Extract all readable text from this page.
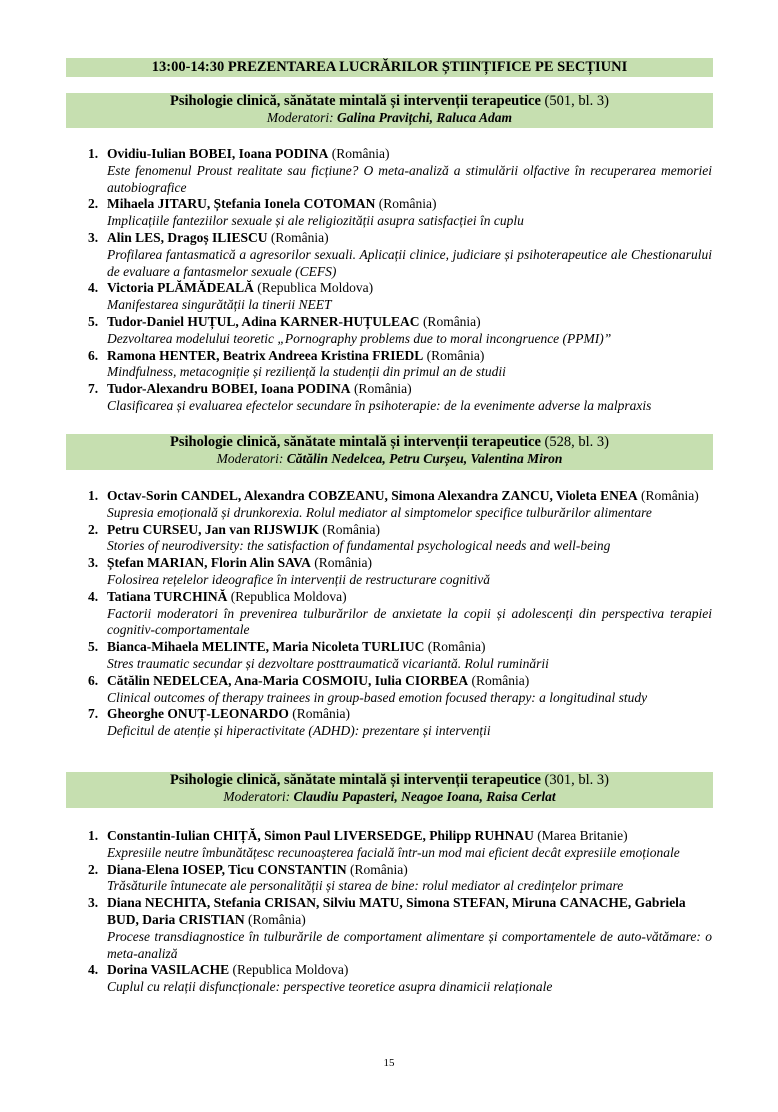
13:00-14:30 PREZENTAREA LUCRĂRILOR ȘTIINȚIFICE PE SECȚIUNI
Psihologie clinică, sănătate mintală și intervenții terapeutice (501, bl. 3)
Moderatori: Galina Pravițchi, Raluca Adam
1. Ovidiu-Iulian BOBEI, Ioana PODINA (România)
Este fenomenul Proust realitate sau ficțiune? O meta-analiză a stimulării olfactive în recuperarea memoriei autobiografice
2. Mihaela JITARU, Ștefania Ionela COTOMAN (România)
Implicațiile fanteziilor sexuale și ale religiozității asupra satisfacției în cuplu
3. Alin LES, Dragoș ILIESCU (România)
Profilarea fantasmatică a agresorilor sexuali. Aplicații clinice, judiciare și psihoterapeutice ale Chestionarului de evaluare a fantasmelor sexuale (CEFS)
4. Victoria PLĂMĂDEALĂ (Republica Moldova)
Manifestarea singurătății la tinerii NEET
5. Tudor-Daniel HUȚUL, Adina KARNER-HUȚULEAC (România)
Dezvoltarea modelului teoretic „Pornography problems due to moral incongruence (PPMI)”
6. Ramona HENTER, Beatrix Andreea Kristina FRIEDL (România)
Mindfulness, metacogniție și reziliență la studenții din primul an de studii
7. Tudor-Alexandru BOBEI, Ioana PODINA (România)
Clasificarea și evaluarea efectelor secundare în psihoterapie: de la evenimente adverse la malpraxis
Psihologie clinică, sănătate mintală și intervenții terapeutice (528, bl. 3)
Moderatori: Cătălin Nedelcea, Petru Curșeu, Valentina Miron
1. Octav-Sorin CANDEL, Alexandra COBZEANU, Simona Alexandra ZANCU, Violeta ENEA (România)
Supresia emoțională și drunkorexia. Rolul mediator al simptomelor specifice tulburărilor alimentare
2. Petru CURSEU, Jan van RIJSWIJK (România)
Stories of neurodiversity: the satisfaction of fundamental psychological needs and well-being
3. Ștefan MARIAN, Florin Alin SAVA (România)
Folosirea rețelelor ideografice în intervenții de restructurare cognitivă
4. Tatiana TURCHINĂ (Republica Moldova)
Factorii moderatori în prevenirea tulburărilor de anxietate la copii și adolescenți din perspectiva terapiei cognitiv-comportamentale
5. Bianca-Mihaela MELINTE, Maria Nicoleta TURLIUC (România)
Stres traumatic secundar și dezvoltare posttraumatică vicariantă. Rolul ruminării
6. Cătălin NEDELCEA, Ana-Maria COSMOIU, Iulia CIORBEA (România)
Clinical outcomes of therapy trainees in group-based emotion focused therapy: a longitudinal study
7. Gheorghe ONUȚ-LEONARDO (România)
Deficitul de atenție și hiperactivitate (ADHD): prezentare și intervenții
Psihologie clinică, sănătate mintală și intervenții terapeutice (301, bl. 3)
Moderatori: Claudiu Papasteri, Neagoe Ioana, Raisa Cerlat
1. Constantin-Iulian CHIȚĂ, Simon Paul LIVERSEDGE, Philipp RUHNAU (Marea Britanie)
Expresiile neutre îmbunătățesc recunoașterea facială într-un mod mai eficient decât expresiile emoționale
2. Diana-Elena IOSEP, Ticu CONSTANTIN (România)
Trăsăturile întunecate ale personalității și starea de bine: rolul mediator al credințelor primare
3. Diana NECHITA, Stefania CRISAN, Silviu MATU, Simona STEFAN, Miruna CANACHE, Gabriela BUD, Daria CRISTIAN (România)
Procese transdiagnostice în tulburările de comportament alimentare și comportamentele de auto-vătămare: o meta-analiză
4. Dorina VASILACHE (Republica Moldova)
Cuplul cu relații disfuncționale: perspective teoretice asupra dinamicii relaționale
15
